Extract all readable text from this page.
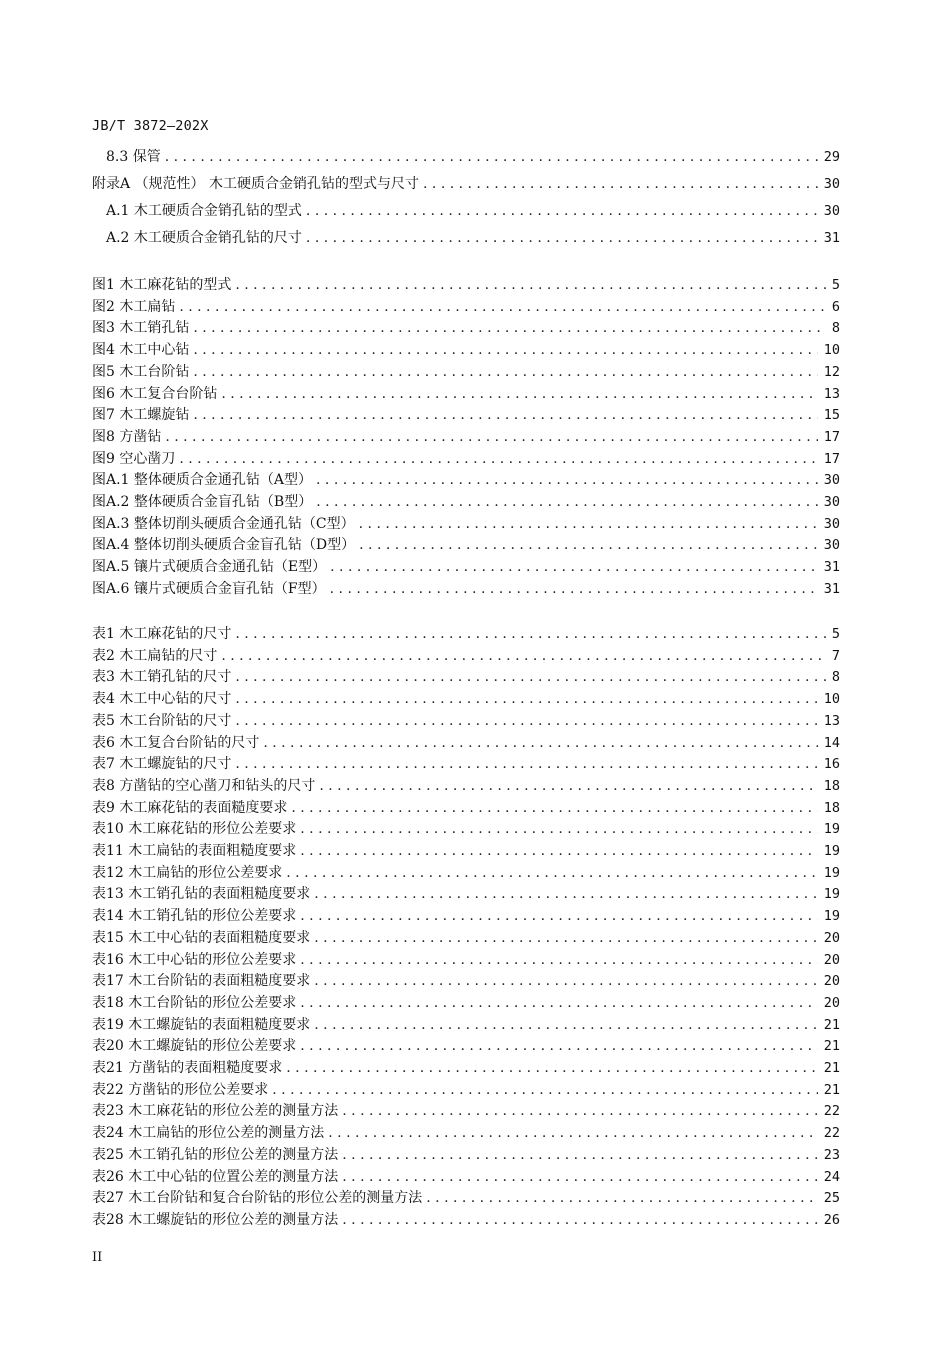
JB/T 3872—202X
8.3 保管 . . .	29
附录A （规范性） 木工硬质合金销孔钻的型式与尺寸 . . .	30
A.1 木工硬质合金销孔钻的型式 . . .	30
A.2 木工硬质合金销孔钻的尺寸 . . .	31
图1 木工麻花钻的型式 . . .	5
图2 木工扁钻 . . .	6
图3 木工销孔钻 . . .	8
图4 木工中心钻 . . .	10
图5 木工台阶钻 . . .	12
图6 木工复合台阶钻 . . .	13
图7 木工螺旋钻 . . .	15
图8 方凿钻 . . .	17
图9 空心凿刀 . . .	17
图A.1 整体硬质合金通孔钻（A型） . . .	30
图A.2 整体硬质合金盲孔钻（B型） . . .	30
图A.3 整体切削头硬质合金通孔钻（C型） . . .	30
图A.4 整体切削头硬质合金盲孔钻（D型） . . .	30
图A.5 镶片式硬质合金通孔钻（E型） . . .	31
图A.6 镶片式硬质合金盲孔钻（F型） . . .	31
表1 木工麻花钻的尺寸 . . .	5
表2 木工扁钻的尺寸 . . .	7
表3 木工销孔钻的尺寸 . . .	8
表4 木工中心钻的尺寸 . . .	10
表5 木工台阶钻的尺寸 . . .	13
表6 木工复合台阶钻的尺寸 . . .	14
表7 木工螺旋钻的尺寸 . . .	16
表8 方凿钻的空心凿刀和钻头的尺寸 . . .	18
表9 木工麻花钻的表面糙度要求 . . .	18
表10 木工麻花钻的形位公差要求 . . .	19
表11 木工扁钻的表面粗糙度要求 . . .	19
表12 木工扁钻的形位公差要求 . . .	19
表13 木工销孔钻的表面粗糙度要求 . . .	19
表14 木工销孔钻的形位公差要求 . . .	19
表15 木工中心钻的表面粗糙度要求 . . .	20
表16 木工中心钻的形位公差要求 . . .	20
表17 木工台阶钻的表面粗糙度要求 . . .	20
表18 木工台阶钻的形位公差要求 . . .	20
表19 木工螺旋钻的表面粗糙度要求 . . .	21
表20 木工螺旋钻的形位公差要求 . . .	21
表21 方凿钻的表面粗糙度要求 . . .	21
表22 方凿钻的形位公差要求 . . .	21
表23 木工麻花钻的形位公差的测量方法 . . .	22
表24 木工扁钻的形位公差的测量方法 . . .	22
表25 木工销孔钻的形位公差的测量方法 . . .	23
表26 木工中心钻的位置公差的测量方法 . . .	24
表27 木工台阶钻和复合台阶钻的形位公差的测量方法 . . .	25
表28 木工螺旋钻的形位公差的测量方法 . . .	26
II
